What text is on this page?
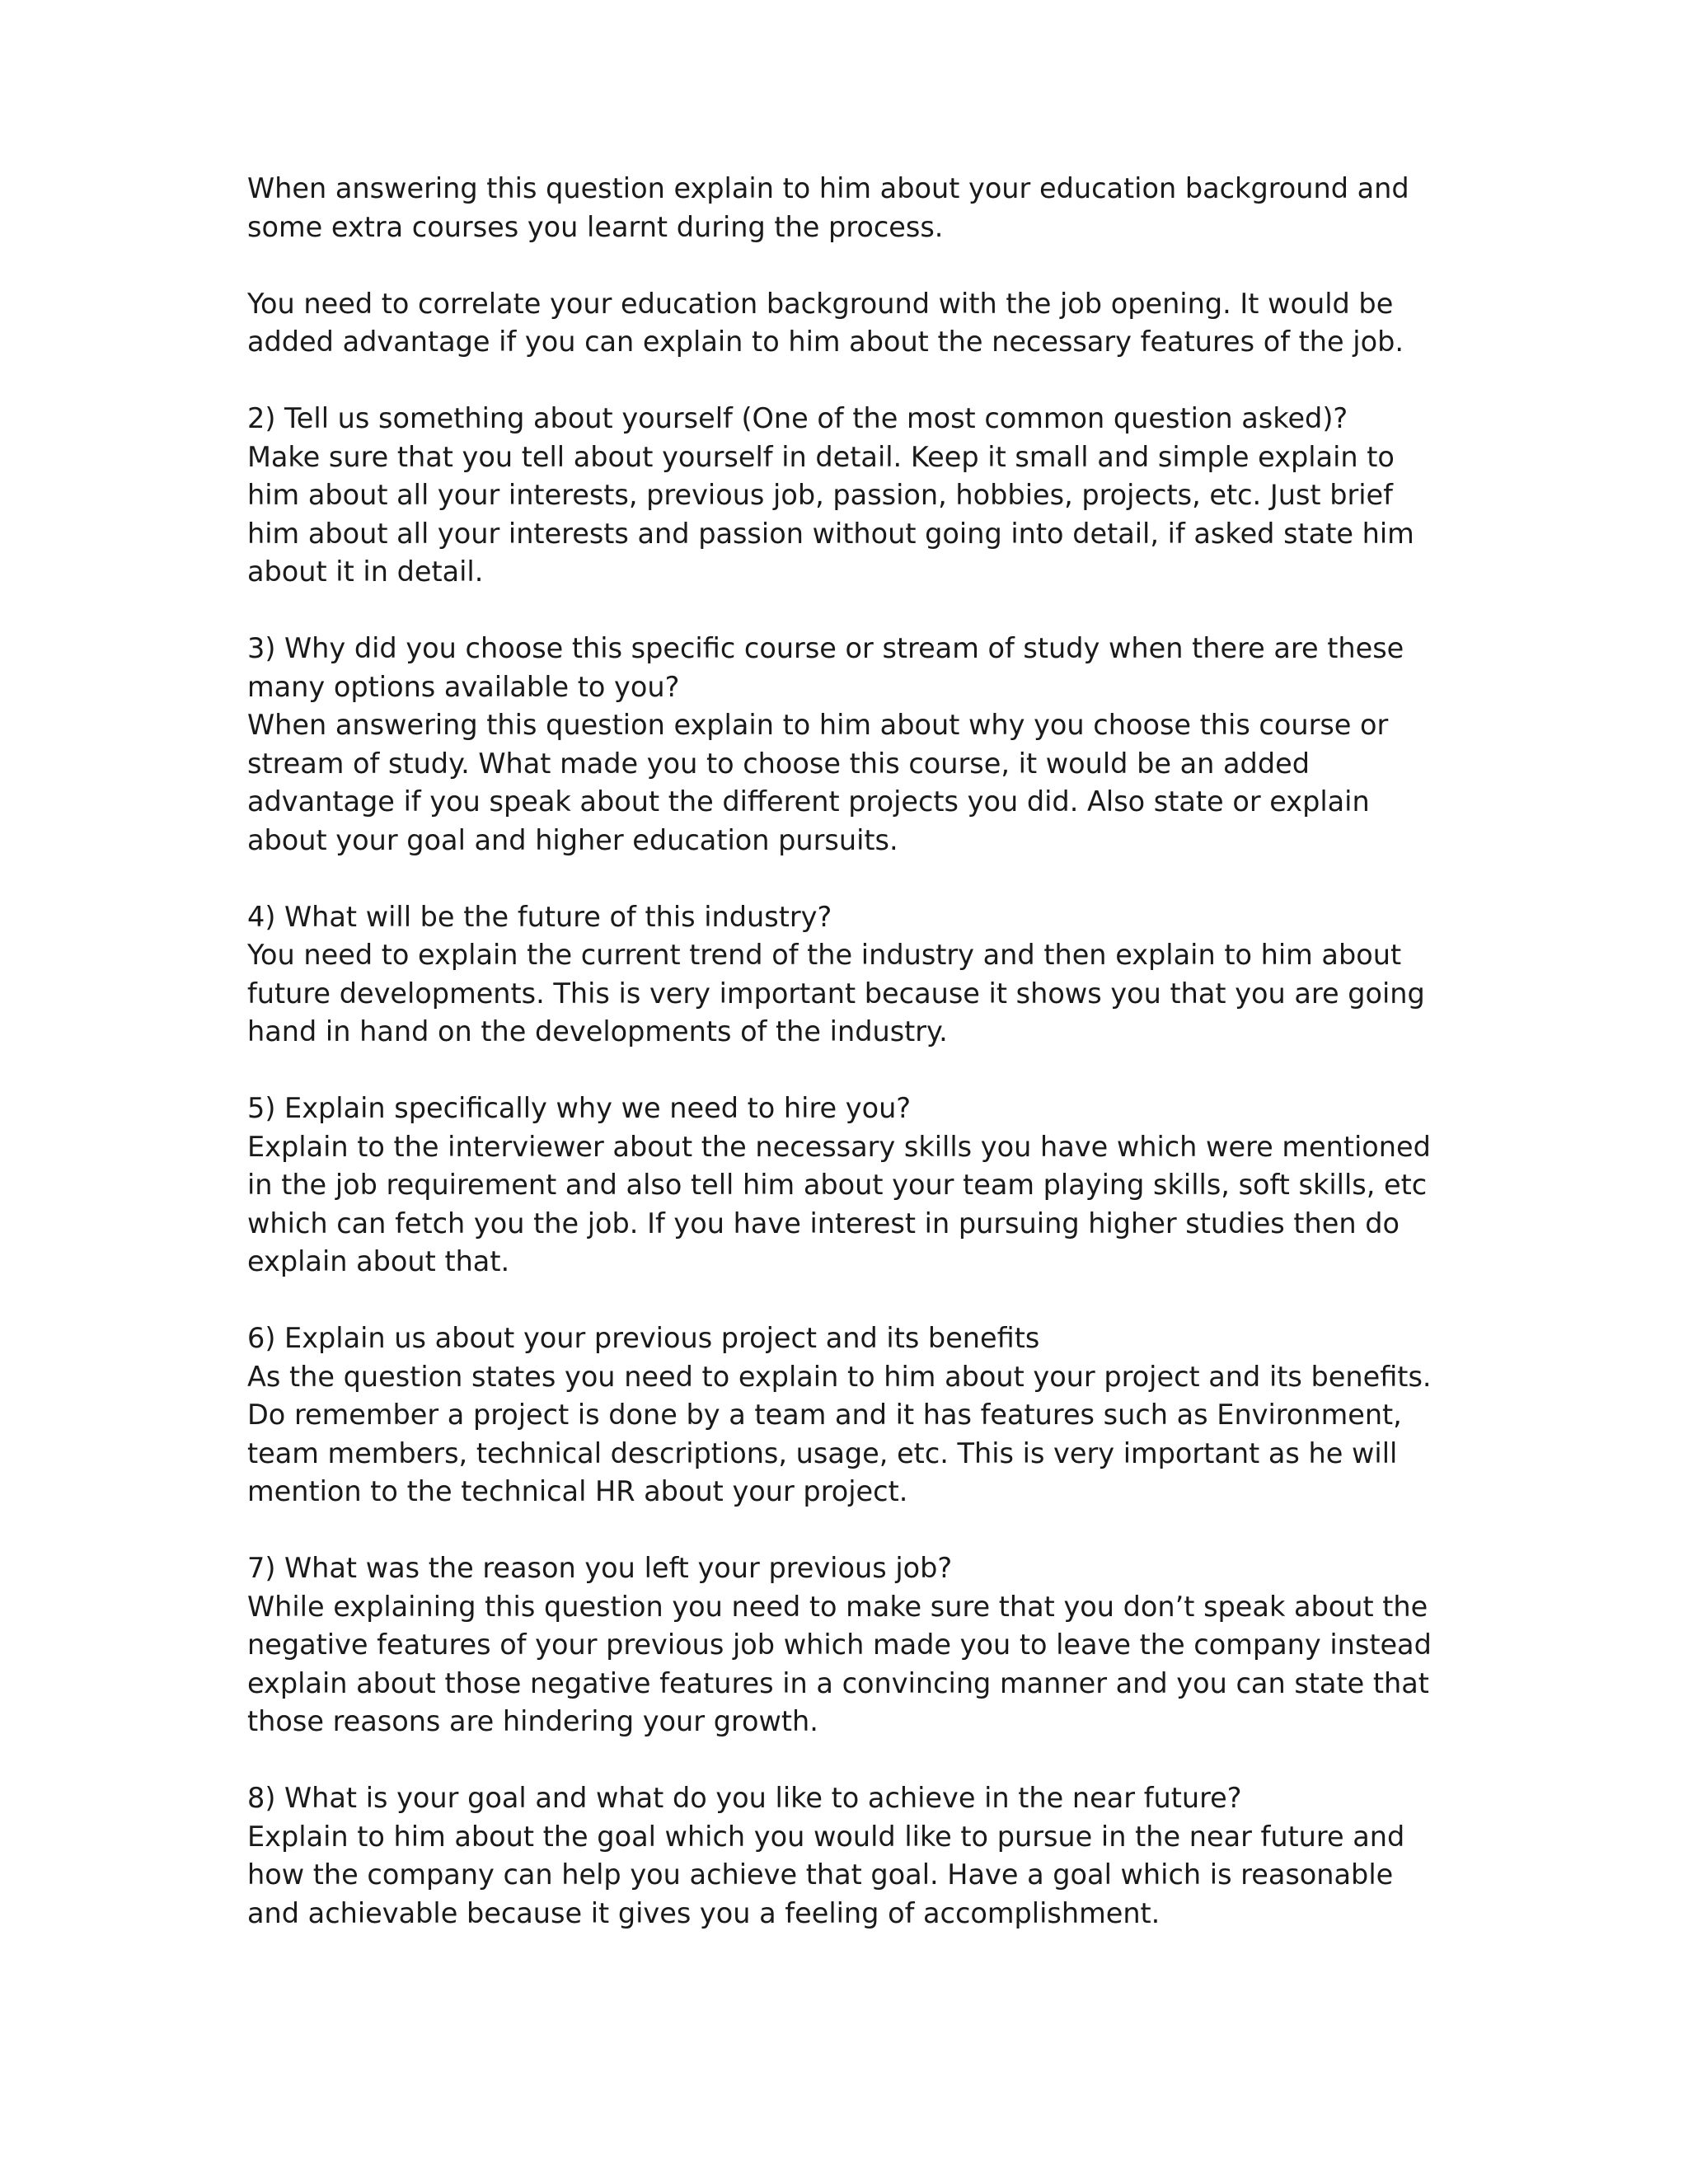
When answering this question explain to him about your education background and
some extra courses you learnt during the process.
You need to correlate your education background with the job opening. It would be
added advantage if you can explain to him about the necessary features of the job.
2) Tell us something about yourself (One of the most common question asked)?
Make sure that you tell about yourself in detail. Keep it small and simple explain to
him about all your interests, previous job, passion, hobbies, projects, etc. Just brief
him about all your interests and passion without going into detail, if asked state him
about it in detail.
3) Why did you choose this specific course or stream of study when there are these
many options available to you?
When answering this question explain to him about why you choose this course or
stream of study. What made you to choose this course, it would be an added
advantage if you speak about the different projects you did. Also state or explain
about your goal and higher education pursuits.
4) What will be the future of this industry?
You need to explain the current trend of the industry and then explain to him about
future developments. This is very important because it shows you that you are going
hand in hand on the developments of the industry.
5) Explain specifically why we need to hire you?
Explain to the interviewer about the necessary skills you have which were mentioned
in the job requirement and also tell him about your team playing skills, soft skills, etc
which can fetch you the job. If you have interest in pursuing higher studies then do
explain about that.
6) Explain us about your previous project and its benefits
As the question states you need to explain to him about your project and its benefits.
Do remember a project is done by a team and it has features such as Environment,
team members, technical descriptions, usage, etc. This is very important as he will
mention to the technical HR about your project.
7) What was the reason you left your previous job?
While explaining this question you need to make sure that you don’t speak about the
negative features of your previous job which made you to leave the company instead
explain about those negative features in a convincing manner and you can state that
those reasons are hindering your growth.
8) What is your goal and what do you like to achieve in the near future?
Explain to him about the goal which you would like to pursue in the near future and
how the company can help you achieve that goal. Have a goal which is reasonable
and achievable because it gives you a feeling of accomplishment.
